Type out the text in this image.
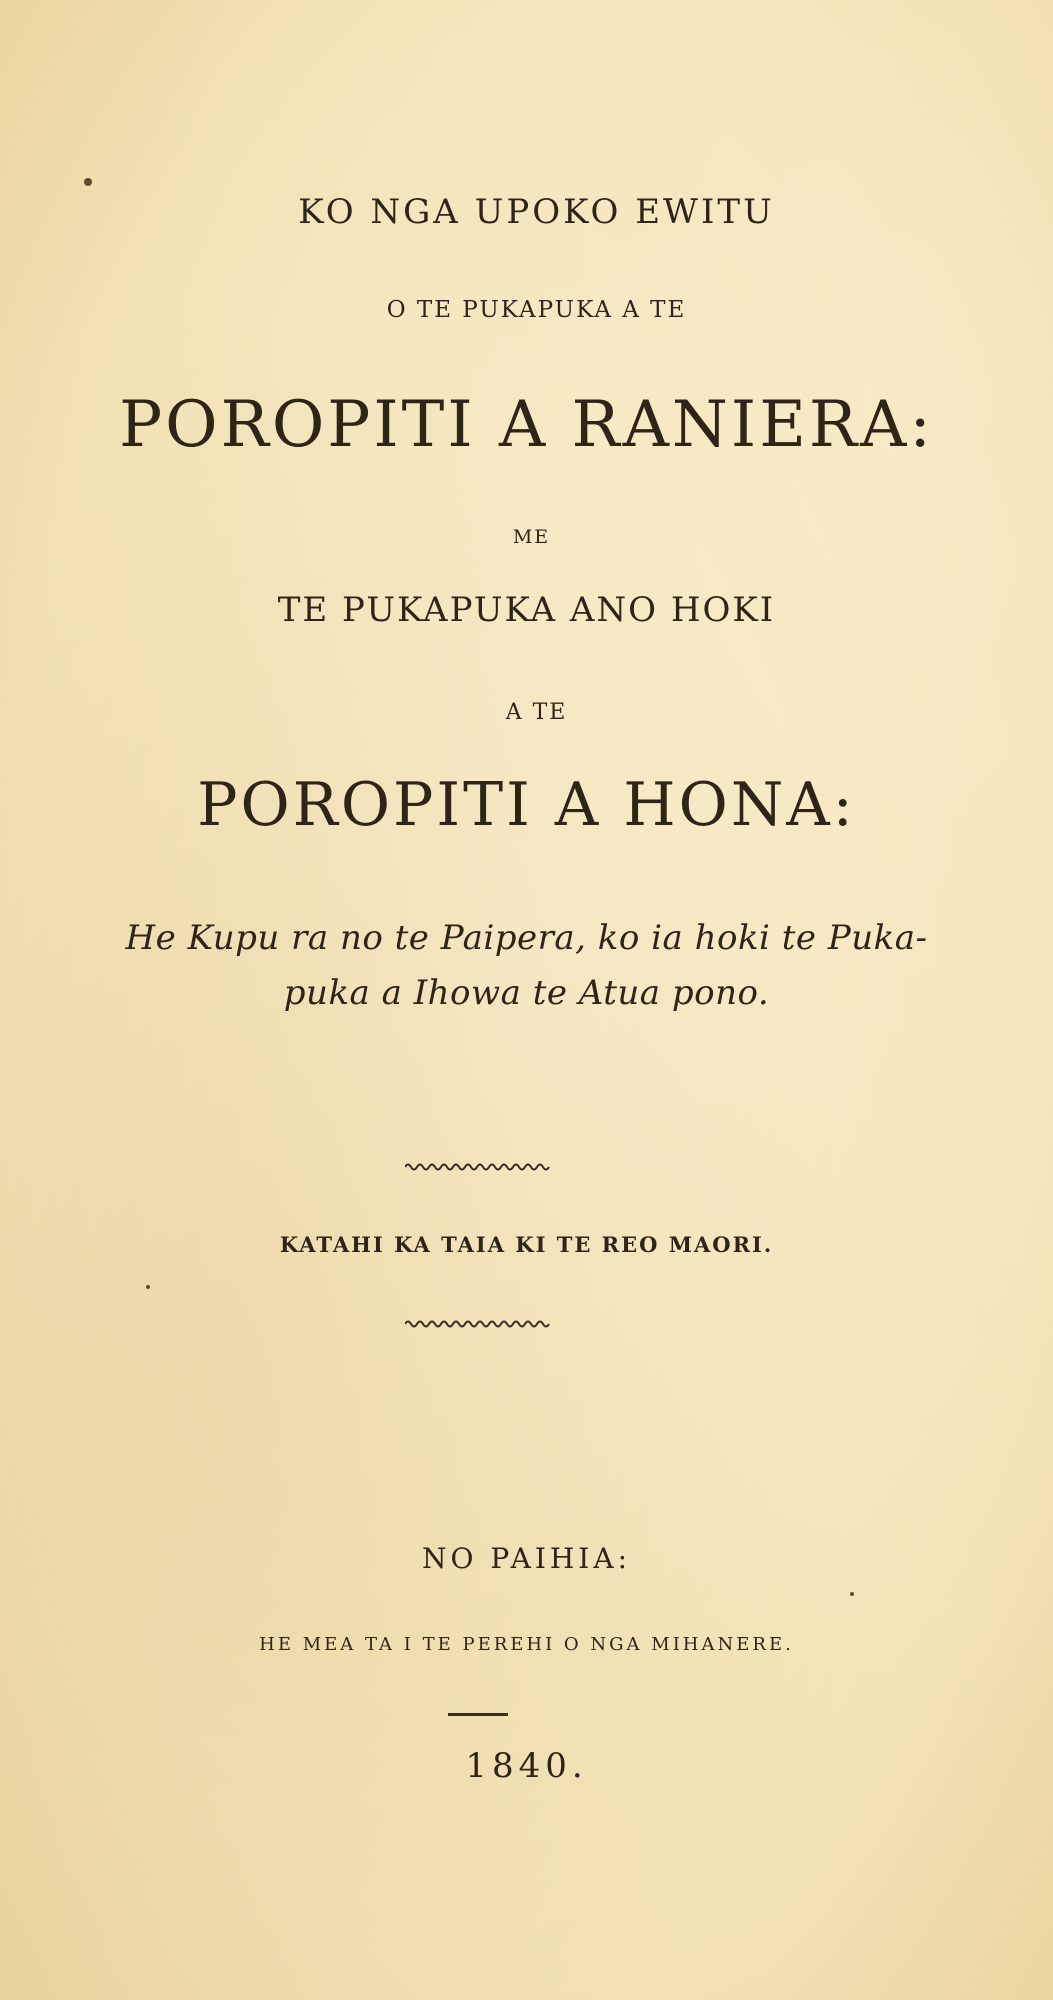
KO NGA UPOKO EWITU
O TE PUKAPUKA A TE
POROPITI A RANIERA:
ME
TE PUKAPUKA ANO HOKI
A TE
POROPITI A HONA:
He Kupu ra no te Paipera, ko ia hoki te Puka-
puka a Ihowa te Atua pono.
KATAHI KA TAIA KI TE REO MAORI.
NO PAIHIA:
HE MEA TA I TE PEREHI O NGA MIHANERE.
1840.
